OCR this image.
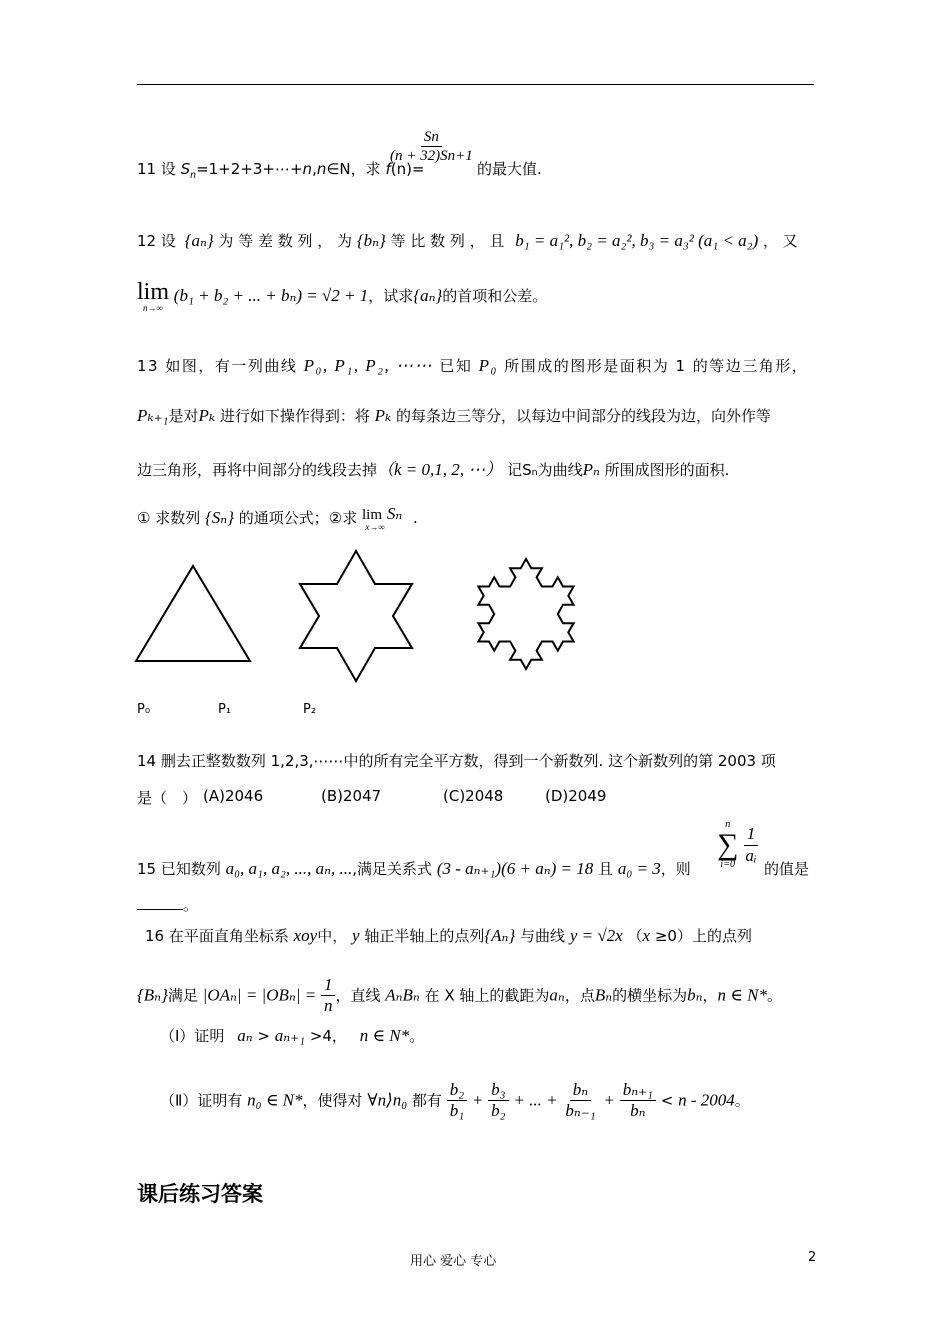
11 设 $S_n=1+2+3+\cdots+n,n\in N$，求 f(n)=
$\frac{Sn}{(n + 32)Sn+1}$
的最大值.
12 设 {aₙ} 为 等 差 数 列 ， 为 {bₙ} 等 比 数 列 ， 且 b₁ = a₁², b₂ = a₂², b₃ = a₃² (a₁ < a₂) ， 又
lim
n→∞
(b₁ + b₂ + ... + bₙ) = √2 + 1，试求{aₙ}的首项和公差。
13 如图，有一列曲线 P₀, P₁, P₂, ⋯⋯ 已知 P₀ 所围成的图形是面积为 1 的等边三角形，
Pₖ₊₁是对Pₖ 进行如下操作得到：将 Pₖ 的每条边三等分，以每边中间部分的线段为边，向外作等
边三角形，再将中间部分的线段去掉（k = 0,1, 2, ⋯） 记Sₙ为曲线Pₙ 所围成图形的面积.
① 求数列 {Sₙ} 的通项公式；②求 lim Sₙ
x→∞ .
P₀	P₁	P₂
14 删去正整数数列 1,2,3,⋯⋯中的所有完全平方数，得到一个新数列. 这个新数列的第 2003 项
是（　） (A)2046	(B)2047	(C)2048	(D)2049
15 已知数列 a₀, a₁, a₂, ..., aₙ, ...,满足关系式 (3 - aₙ₊₁)(6 + aₙ) = 18 且 a₀ = 3，则
n
∑
$i=0 \frac{1}{\text{aᵢ}}$
的值是
。
16 在平面直角坐标系 xoy中， y 轴正半轴上的点列{Aₙ} 与曲线 y = √2x （x ≥0）上的点列
{Bₙ}满足 $|OA_n| = |OB_n| = \frac{1}{n}$ ，直线 AₙBₙ 在 X 轴上的截距为aₙ，点Bₙ的横坐标为bₙ，n ∈ N*。
（Ⅰ）证明 aₙ > aₙ₊₁ >4， n ∈ N*。
（Ⅱ）证明有 n₀ ∈ N*，使得对 ∀n⟩n₀ 都有 $\frac{\text{b₂}}{\text{b₁}} + \frac{\text{b₃}}{\text{b₂}}$ + ... + $\frac{\text{bₙ}}{\text{bₙ₋₁}} + \frac{\text{bₙ₊₁}}{\text{bₙ}} < n - 2004$。
课后练习答案
用心 爱心 专心	2
